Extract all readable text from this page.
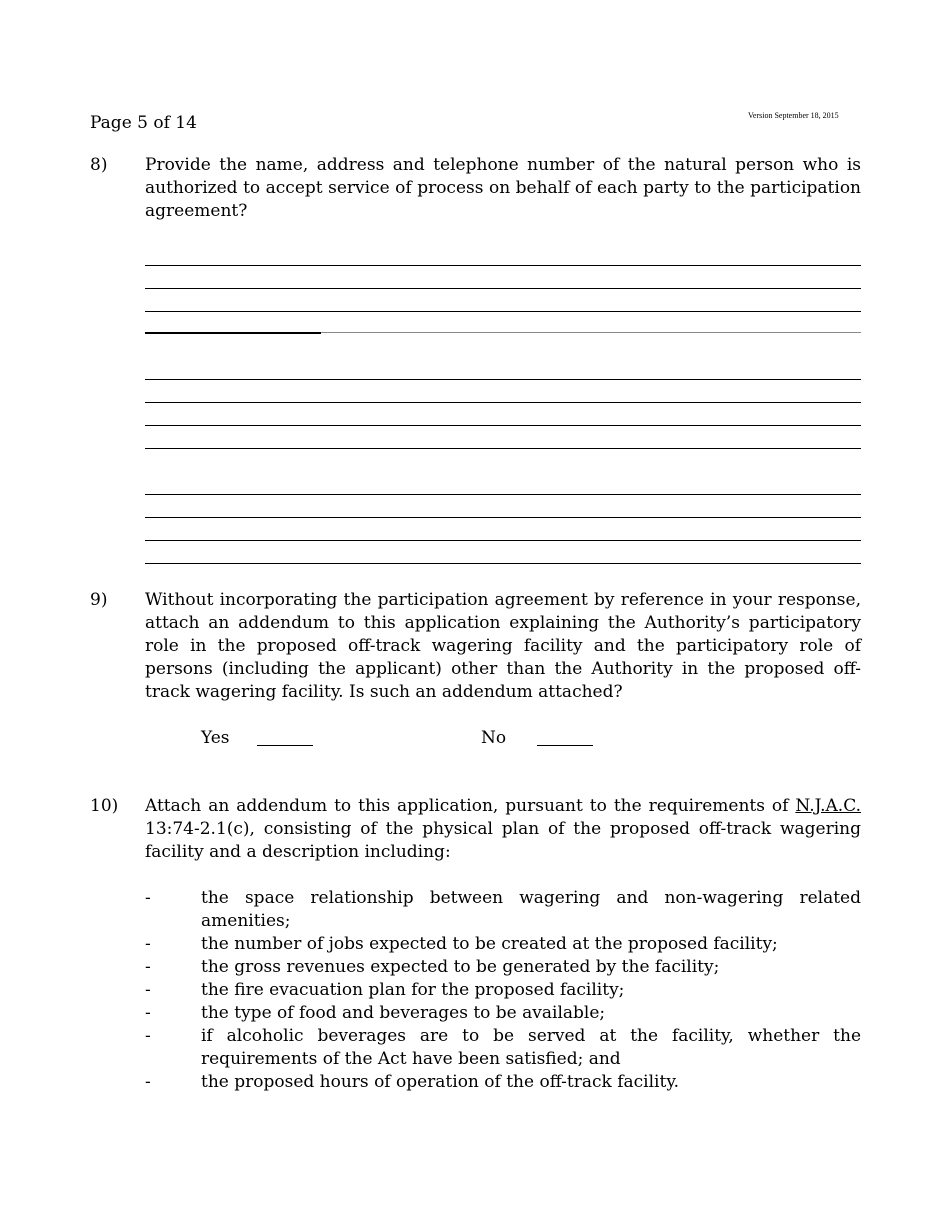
Page 5 of 14	Version September 18, 2015
8) Provide the name, address and telephone number of the natural person who is authorized to accept service of process on behalf of each party to the participation agreement?
9) Without incorporating the participation agreement by reference in your response, attach an addendum to this application explaining the Authority’s participatory role in the proposed off-track wagering facility and the participatory role of persons (including the applicant) other than the Authority in the proposed off-track wagering facility. Is such an addendum attached?
Yes	No
10) Attach an addendum to this application, pursuant to the requirements of N.J.A.C. 13:74-2.1(c), consisting of the physical plan of the proposed off-track wagering facility and a description including:
-	the space relationship between wagering and non-wagering related amenities;
-	the number of jobs expected to be created at the proposed facility;
-	the gross revenues expected to be generated by the facility;
-	the fire evacuation plan for the proposed facility;
-	the type of food and beverages to be available;
-	if alcoholic beverages are to be served at the facility, whether the requirements of the Act have been satisfied; and
-	the proposed hours of operation of the off-track facility.
